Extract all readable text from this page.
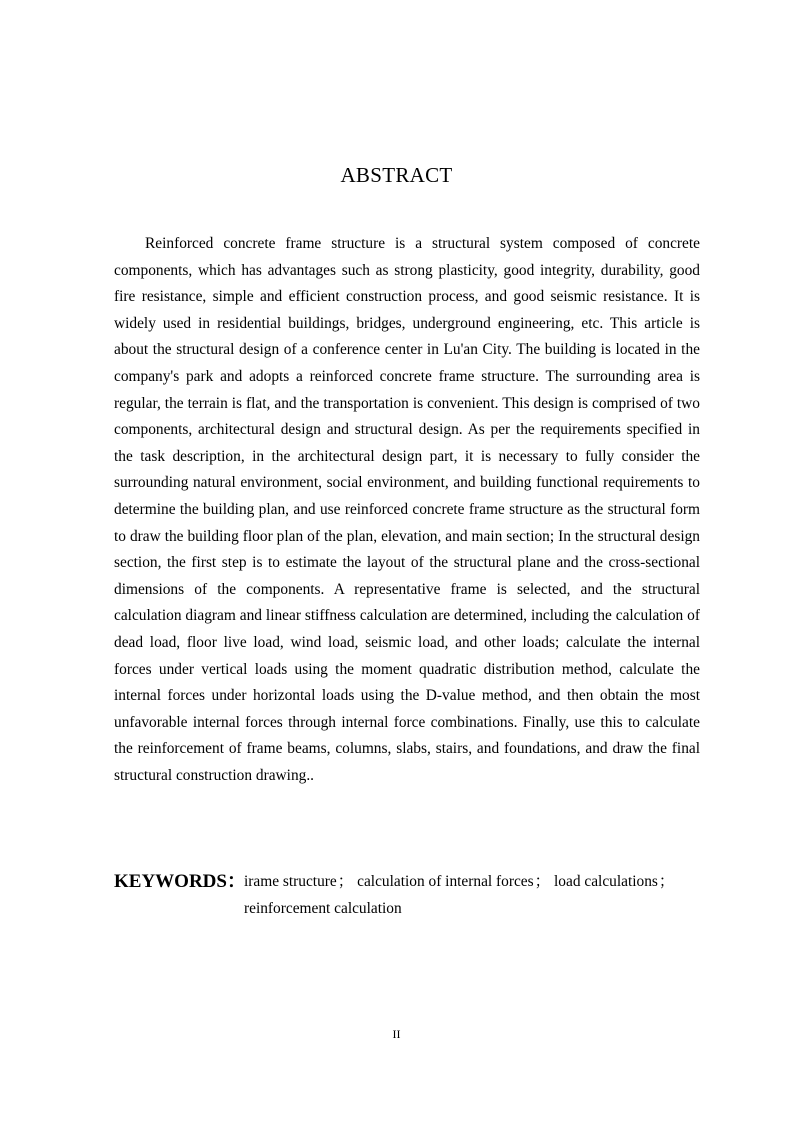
ABSTRACT

Reinforced concrete frame structure is a structural system composed of concrete components, which has advantages such as strong plasticity, good integrity, durability, good fire resistance, simple and efficient construction process, and good seismic resistance. It is widely used in residential buildings, bridges, underground engineering, etc. This article is about the structural design of a conference center in Lu'an City. The building is located in the company's park and adopts a reinforced concrete frame structure. The surrounding area is regular, the terrain is flat, and the transportation is convenient. This design is comprised of two components, architectural design and structural design. As per the requirements specified in the task description, in the architectural design part, it is necessary to fully consider the surrounding natural environment, social environment, and building functional requirements to determine the building plan, and use reinforced concrete frame structure as the structural form to draw the building floor plan of the plan, elevation, and main section; In the structural design section, the first step is to estimate the layout of the structural plane and the cross-sectional dimensions of the components. A representative frame is selected, and the structural calculation diagram and linear stiffness calculation are determined, including the calculation of dead load, floor live load, wind load, seismic load, and other loads; calculate the internal forces under vertical loads using the moment quadratic distribution method, calculate the internal forces under horizontal loads using the D-value method, and then obtain the most unfavorable internal forces through internal force combinations. Finally, use this to calculate the reinforcement of frame beams, columns, slabs, stairs, and foundations, and draw the final structural construction drawing..

KEYWORDS：
irame structure； calculation of internal forces； load calculations；
reinforcement calculation
II
